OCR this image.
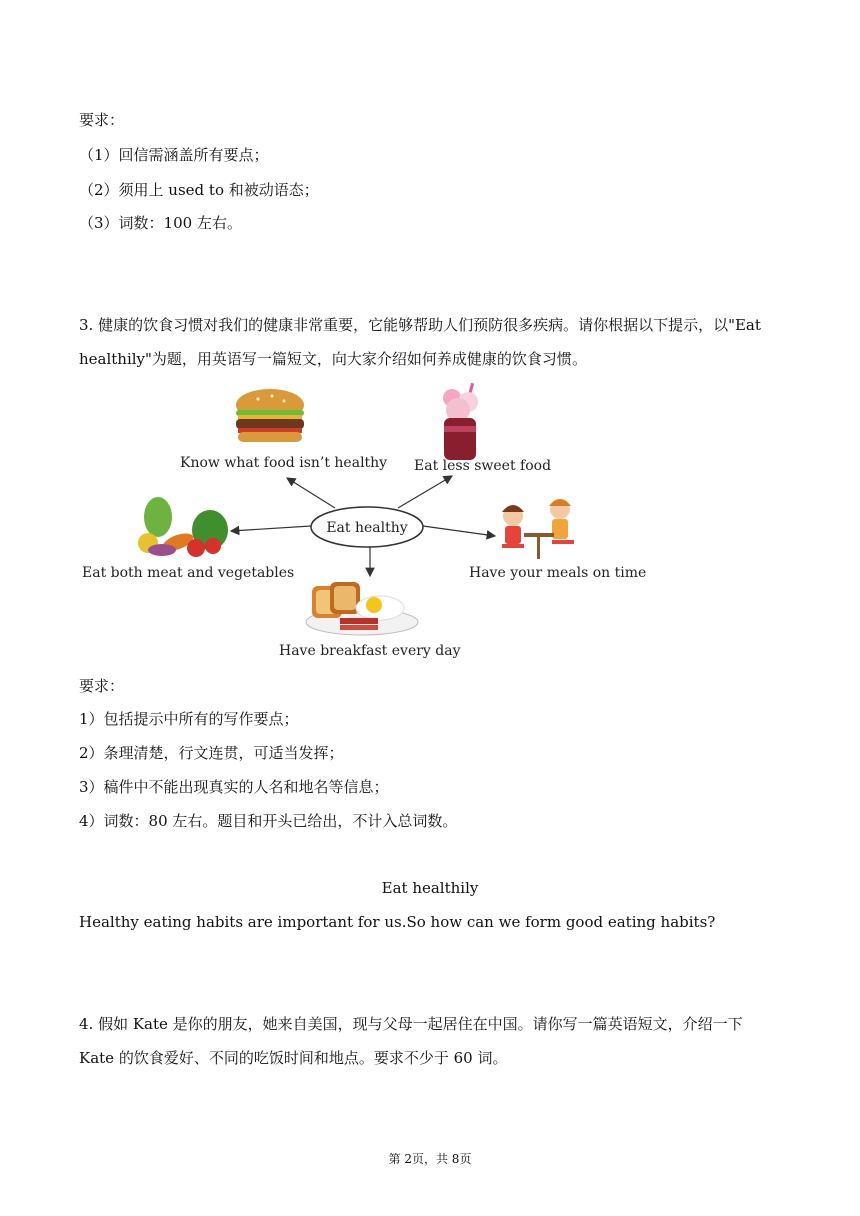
要求：
（1）回信需涵盖所有要点；
（2）须用上 used to 和被动语态；
（3）词数：100 左右。
3. 健康的饮食习惯对我们的健康非常重要，它能够帮助人们预防很多疾病。请你根据以下提示，以"Eat
healthily"为题，用英语写一篇短文，向大家介绍如何养成健康的饮食习惯。
Eat healthy
Know what food isn’t healthy Eat less sweet food
Eat both meat and vegetables	Have your meals on time
Have breakfast every day
要求：
1）包括提示中所有的写作要点；
2）条理清楚，行文连贯，可适当发挥；
3）稿件中不能出现真实的人名和地名等信息；
4）词数：80 左右。题目和开头已给出，不计入总词数。
Eat healthily
Healthy eating habits are important for us.So how can we form good eating habits?
4. 假如 Kate 是你的朋友，她来自美国，现与父母一起居住在中国。请你写一篇英语短文，介绍一下
Kate 的饮食爱好、不同的吃饭时间和地点。要求不少于 60 词。
第 2页，共 8页
